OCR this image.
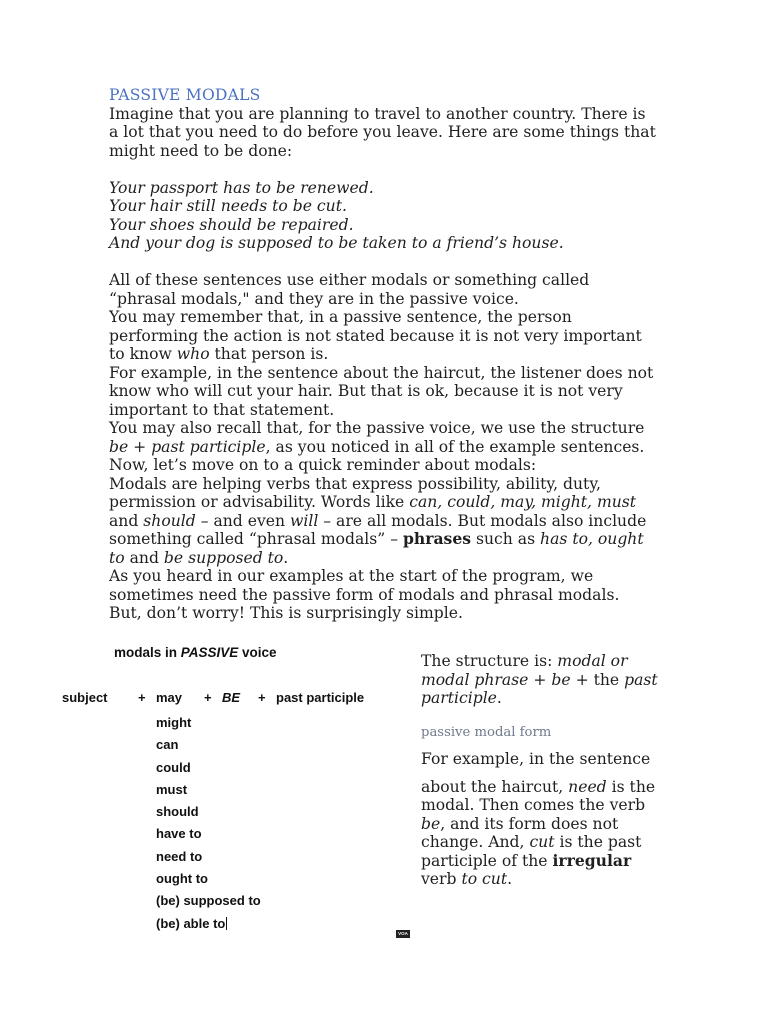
PASSIVE MODALS

Imagine that you are planning to travel to another country. There is a lot that you need to do before you leave. Here are some things that might need to be done:

Your passport has to be renewed.
Your hair still needs to be cut.
Your shoes should be repaired.
And your dog is supposed to be taken to a friend’s house.

All of these sentences use either modals or something called “phrasal modals," and they are in the passive voice.

You may remember that, in a passive sentence, the person performing the action is not stated because it is not very important to know who that person is.

For example, in the sentence about the haircut, the listener does not know who will cut your hair. But that is ok, because it is not very important to that statement.

You may also recall that, for the passive voice, we use the structure be + past participle, as you noticed in all of the example sentences.

Now, let’s move on to a quick reminder about modals:

Modals are helping verbs that express possibility, ability, duty, permission or advisability. Words like can, could, may, might, must and should – and even will – are all modals. But modals also include something called “phrasal modals” – phrases such as has to, ought to and be supposed to.

As you heard in our examples at the start of the program, we sometimes need the passive form of modals and phrasal modals.

But, don’t worry! This is surprisingly simple.

modals in PASSIVE voice
subject + may + BE + past participle
might
can
could
must
should
have to
need to
ought to
(be) supposed to
(be) able to
VOA
The structure is: modal or modal phrase + be + the past participle.
passive modal form
For example, in the sentence
about the haircut, need is the modal. Then comes the verb be, and its form does not change. And, cut is the past participle of the irregular verb to cut.
